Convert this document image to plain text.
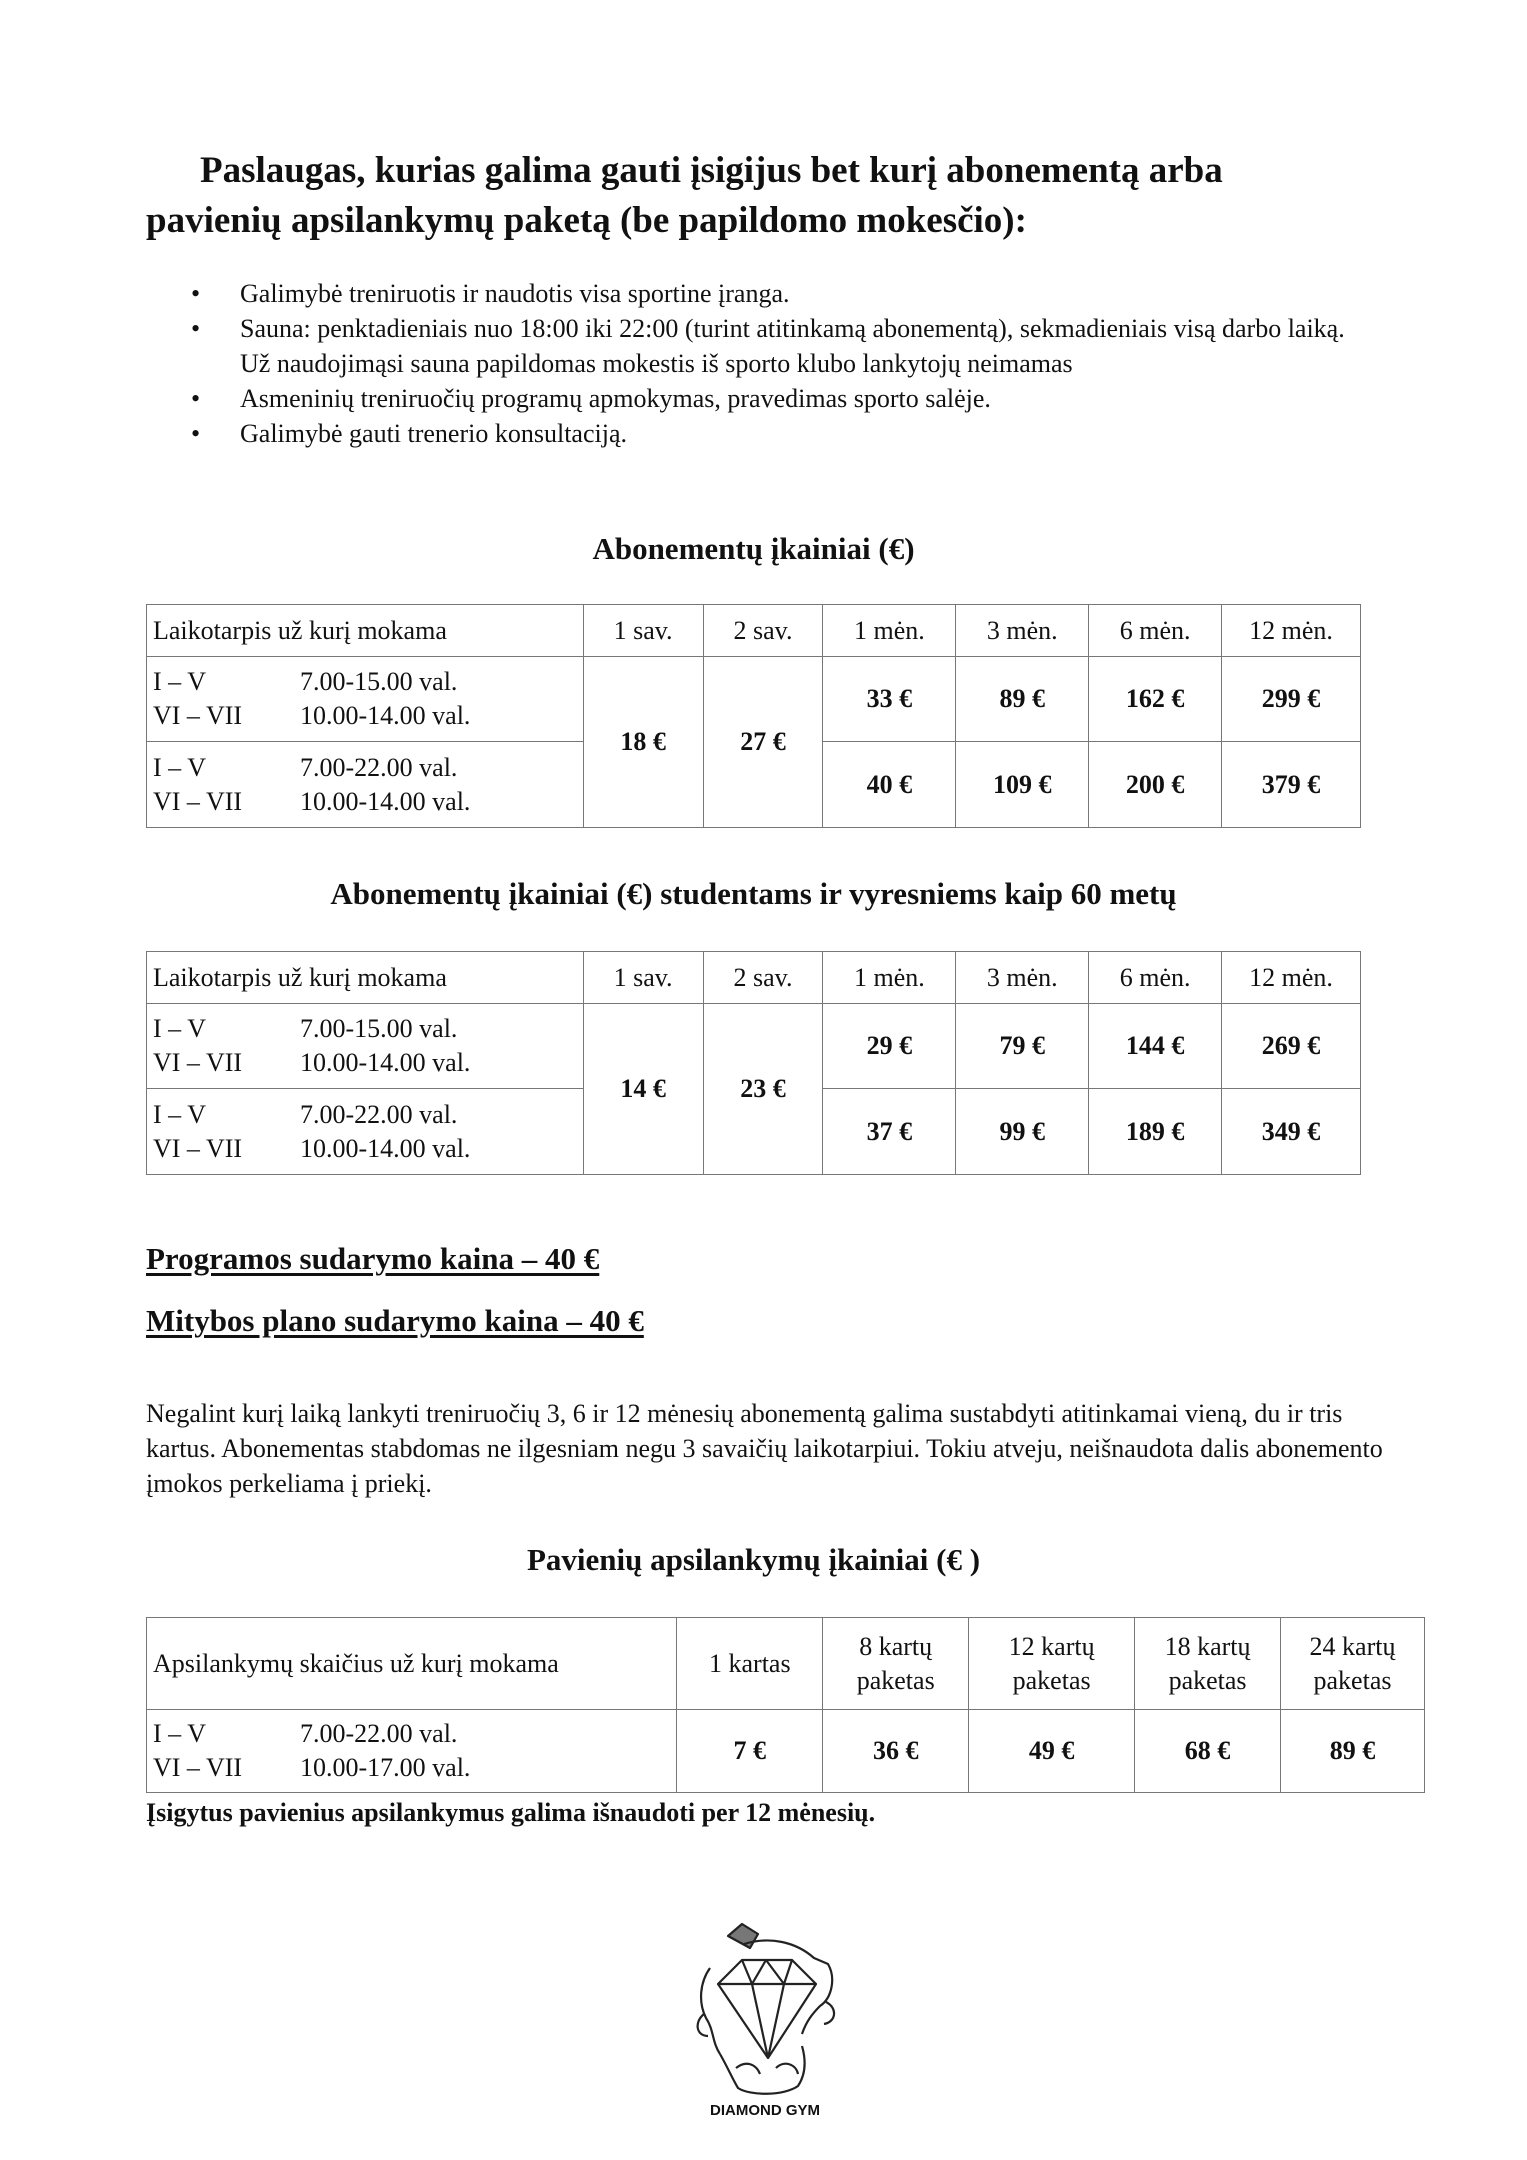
Paslaugas, kurias galima gauti įsigijus bet kurį abonementą arba
pavienių apsilankymų paketą (be papildomo mokesčio):
• Galimybė treniruotis ir naudotis visa sportine įranga.
• Sauna: penktadieniais nuo 18:00 iki 22:00 (turint atitinkamą abonementą), sekmadieniais visą darbo laiką. Už naudojimąsi sauna papildomas mokestis iš sporto klubo lankytojų neimamas
• Asmeninių treniruočių programų apmokymas, pravedimas sporto salėje.
• Galimybė gauti trenerio konsultaciją.
Abonementų įkainiai (€)
Laikotarpis už kurį mokama	1 sav.	2 sav.	1 mėn.	3 mėn.	6 mėn.	12 mėn.

I – V 7.00-15.00 val.
VI – VII 10.00-14.00 val.	18 €	27 €	33 €	89 €	162 €	299 €

I – V 7.00-22.00 val.
VI – VII 10.00-14.00 val.			40 €	109 €	200 €	379 €
Abonementų įkainiai (€) studentams ir vyresniems kaip 60 metų
Laikotarpis už kurį mokama	1 sav.	2 sav.	1 mėn.	3 mėn.	6 mėn.	12 mėn.

I – V 7.00-15.00 val.
VI – VII 10.00-14.00 val.	14 €	23 €	29 €	79 €	144 €	269 €

I – V 7.00-22.00 val.
VI – VII 10.00-14.00 val.			37 €	99 €	189 €	349 €
Programos sudarymo kaina – 40 €
Mitybos plano sudarymo kaina – 40 €
Negalint kurį laiką lankyti treniruočių 3, 6 ir 12 mėnesių abonementą galima sustabdyti atitinkamai vieną, du ir tris kartus. Abonementas stabdomas ne ilgesniam negu 3 savaičių laikotarpiui. Tokiu atveju, neišnaudota dalis abonemento įmokos perkeliama į priekį.
Pavienių apsilankymų įkainiai (€ )
Apsilankymų skaičius už kurį mokama	1 kartas	8 kartų paketas	12 kartų paketas	18 kartų paketas	24 kartų paketas

I – V 7.00-22.00 val.
VI – VII 10.00-17.00 val.	7 €	36 €	49 €	68 €	89 €
Įsigytus pavienius apsilankymus galima išnaudoti per 12 mėnesių.
DIAMOND GYM
